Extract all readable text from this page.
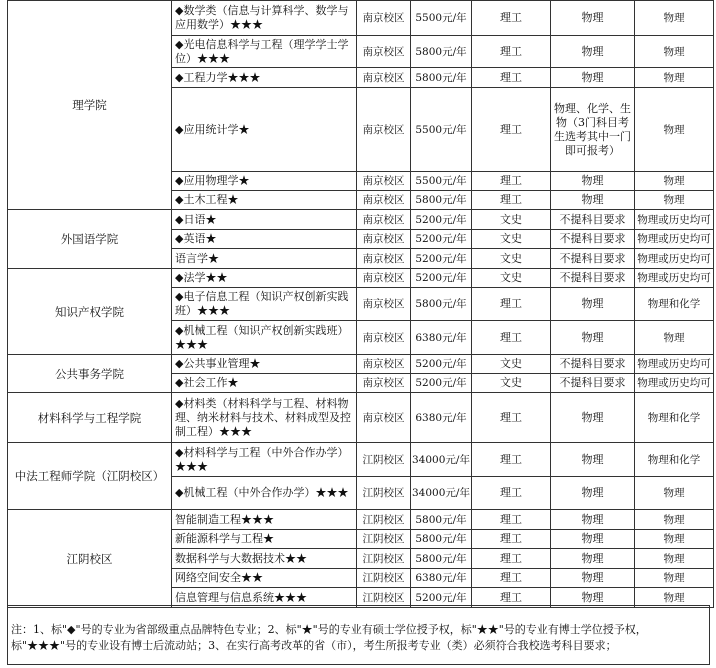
理学院	◆数学类（信息与计算科学、数学与应用数学）★★★	南京校区	5500元/年	理工	物理	物理
	◆光电信息科学与工程（理学学士学位）★★★	南京校区	5800元/年	理工	物理	物理
	◆工程力学★★★	南京校区	5800元/年	理工	物理	物理
	◆应用统计学★	南京校区	5500元/年	理工	物理、化学、生物（3门科目考生选考其中一门即可报考）	物理
	◆应用物理学★	南京校区	5500元/年	理工	物理	物理
	◆土木工程★	南京校区	5800元/年	理工	物理	物理
外国语学院	◆日语★	南京校区	5200元/年	文史	不提科目要求	物理或历史均可
	◆英语★	南京校区	5200元/年	文史	不提科目要求	物理或历史均可
	语言学★	南京校区	5200元/年	文史	不提科目要求	物理或历史均可
知识产权学院	◆法学★★	南京校区	5200元/年	文史	不提科目要求	物理或历史均可
	◆电子信息工程（知识产权创新实践班）★★★	南京校区	5800元/年	理工	物理	物理和化学
	◆机械工程（知识产权创新实践班）★★★	南京校区	6380元/年	理工	物理	物理
公共事务学院	◆公共事业管理★	南京校区	5200元/年	文史	不提科目要求	物理或历史均可
	◆社会工作★	南京校区	5200元/年	文史	不提科目要求	物理或历史均可
材料科学与工程学院	◆材料类（材料科学与工程、材料物理、纳米材料与技术、材料成型及控制工程）★★★	南京校区	6380元/年	理工	物理	物理和化学
中法工程师学院（江阴校区）	◆材料科学与工程（中外合作办学）★★★	江阴校区	34000元/年	理工	物理	物理和化学
	◆机械工程（中外合作办学）★★★	江阴校区	34000元/年	理工	物理	物理
江阴校区	智能制造工程★★★	江阴校区	5800元/年	理工	物理	物理
	新能源科学与工程★	江阴校区	5800元/年	理工	物理	物理
	数据科学与大数据技术★★	江阴校区	5800元/年	理工	物理	物理
	网络空间安全★★	江阴校区	6380元/年	理工	物理	物理
	信息管理与信息系统★★★	江阴校区	5200元/年	理工	物理	物理
注：1、标"◆"号的专业为省部级重点品牌特色专业；2、标"★"号的专业有硕士学位授予权，标"★★"号的专业有博士学位授予权，标"★★★"号的专业设有博士后流动站；3、在实行高考改革的省（市），考生所报考专业（类）必须符合我校选考科目要求；
